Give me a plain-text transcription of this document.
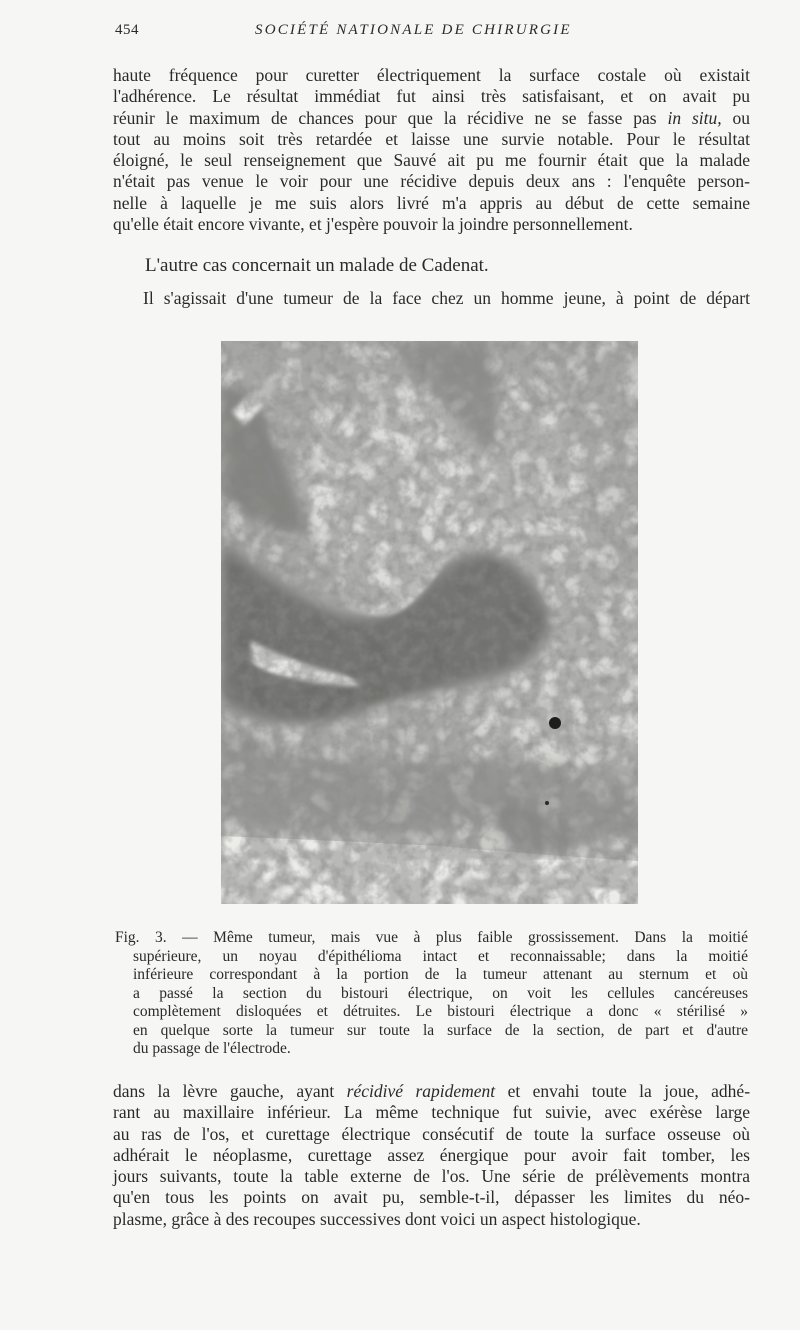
454	SOCIÉTÉ NATIONALE DE CHIRURGIE
haute fréquence pour curetter électriquement la surface costale où existait
l'adhérence. Le résultat immédiat fut ainsi très satisfaisant, et on avait pu
réunir le maximum de chances pour que la récidive ne se fasse pas in situ, ou
tout au moins soit très retardée et laisse une survie notable. Pour le résultat
éloigné, le seul renseignement que Sauvé ait pu me fournir était que la malade
n'était pas venue le voir pour une récidive depuis deux ans : l'enquête person-
nelle à laquelle je me suis alors livré m'a appris au début de cette semaine
qu'elle était encore vivante, et j'espère pouvoir la joindre personnellement.

L'autre cas concernait un malade de Cadenat.

Il s'agissait d'une tumeur de la face chez un homme jeune, à point de départ
Fig. 3. — Même tumeur, mais vue à plus faible grossissement. Dans la moitié
supérieure, un noyau d'épithélioma intact et reconnaissable; dans la moitié
inférieure correspondant à la portion de la tumeur attenant au sternum et où
a passé la section du bistouri électrique, on voit les cellules cancéreuses
complètement disloquées et détruites. Le bistouri électrique a donc « stérilisé »
en quelque sorte la tumeur sur toute la surface de la section, de part et d'autre
du passage de l'électrode.
dans la lèvre gauche, ayant récidivé rapidement et envahi toute la joue, adhé-
rant au maxillaire inférieur. La même technique fut suivie, avec exérèse large
au ras de l'os, et curettage électrique consécutif de toute la surface osseuse où
adhérait le néoplasme, curettage assez énergique pour avoir fait tomber, les
jours suivants, toute la table externe de l'os. Une série de prélèvements montra
qu'en tous les points on avait pu, semble-t-il, dépasser les limites du néo-
plasme, grâce à des recoupes successives dont voici un aspect histologique.
